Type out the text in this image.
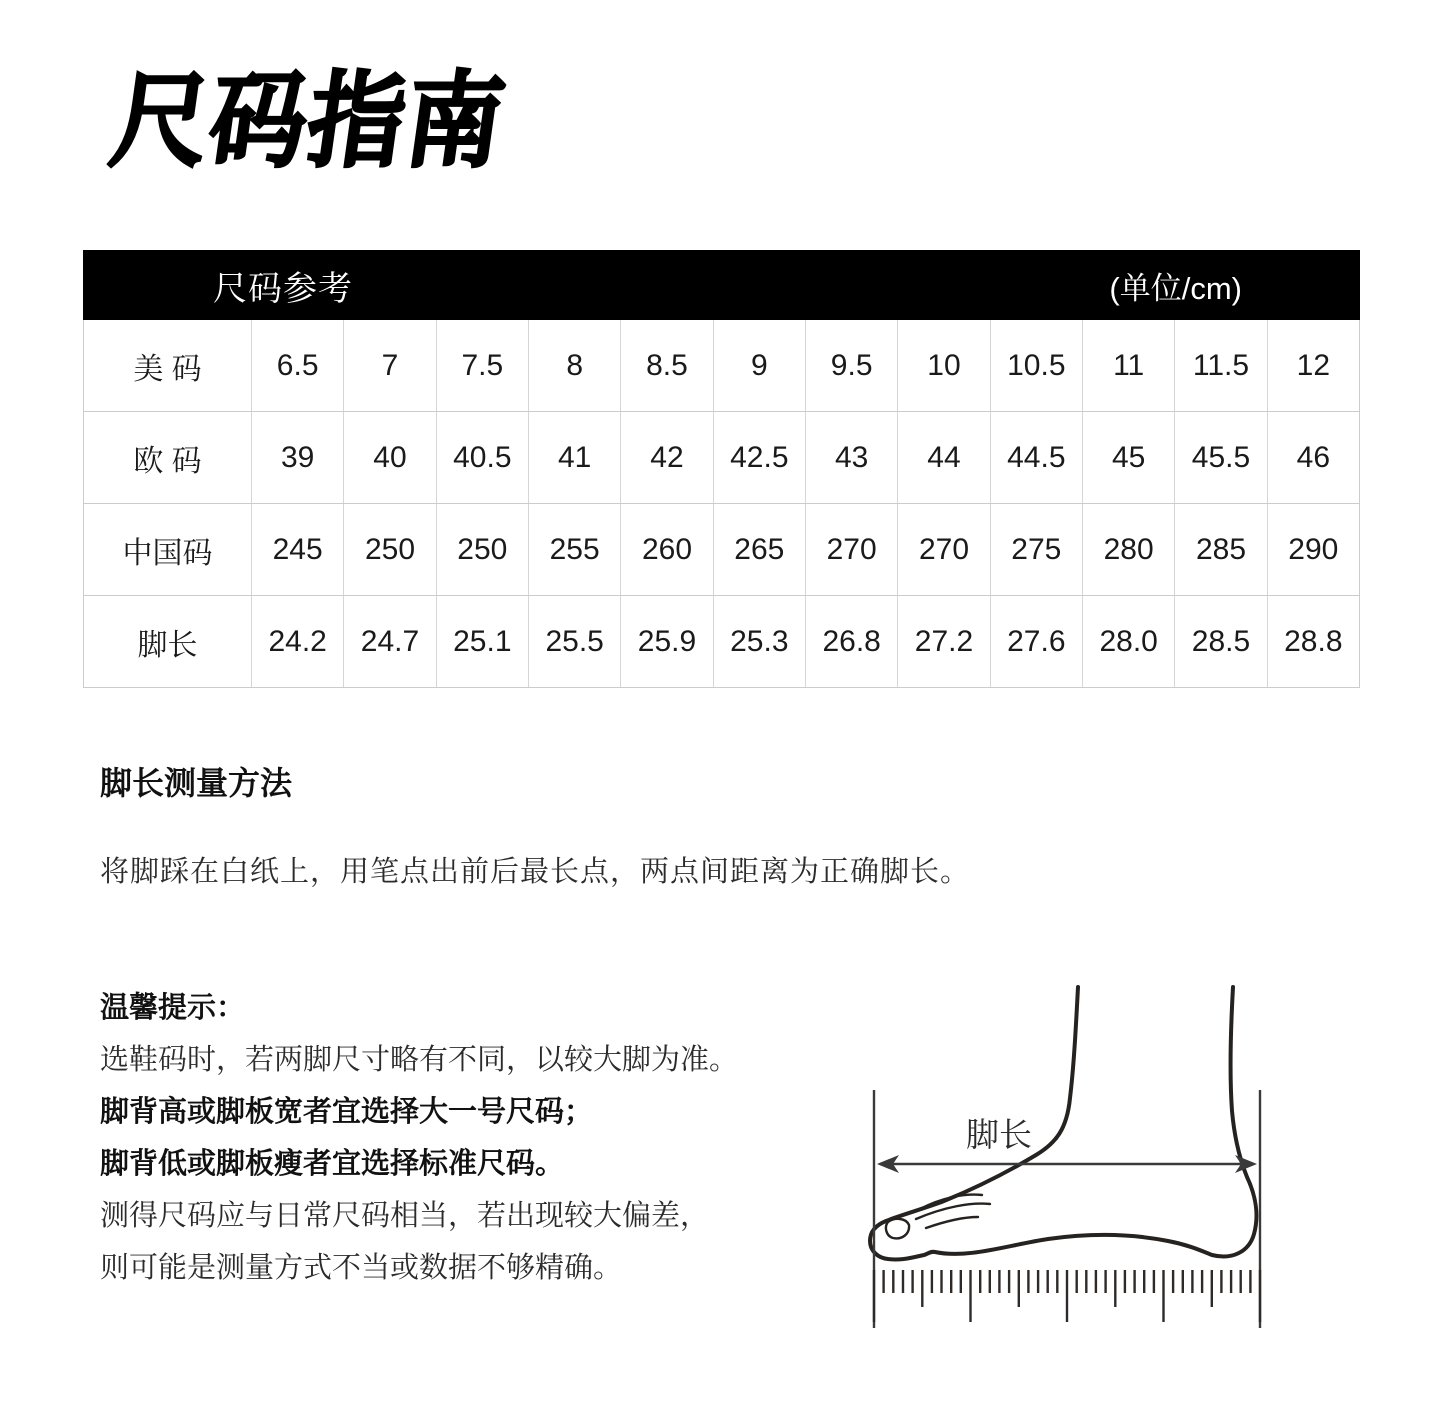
尺码指南
尺码参考	(单位/cm)
美 码	6.5	7	7.5	8	8.5	9	9.5	10	10.5	11	11.5	12
欧 码	39	40	40.5	41	42	42.5	43	44	44.5	45	45.5	46
中国码	245	250	250	255	260	265	270	270	275	280	285	290
脚长	24.2	24.7	25.1	25.5	25.9	25.3	26.8	27.2	27.6	28.0	28.5	28.8
脚长测量方法

将脚踩在白纸上，用笔点出前后最长点，两点间距离为正确脚长。

温馨提示：

选鞋码时，若两脚尺寸略有不同，以较大脚为准。

脚背高或脚板宽者宜选择大一号尺码；

脚背低或脚板瘦者宜选择标准尺码。

测得尺码应与日常尺码相当，若出现较大偏差，

则可能是测量方式不当或数据不够精确。

脚长
